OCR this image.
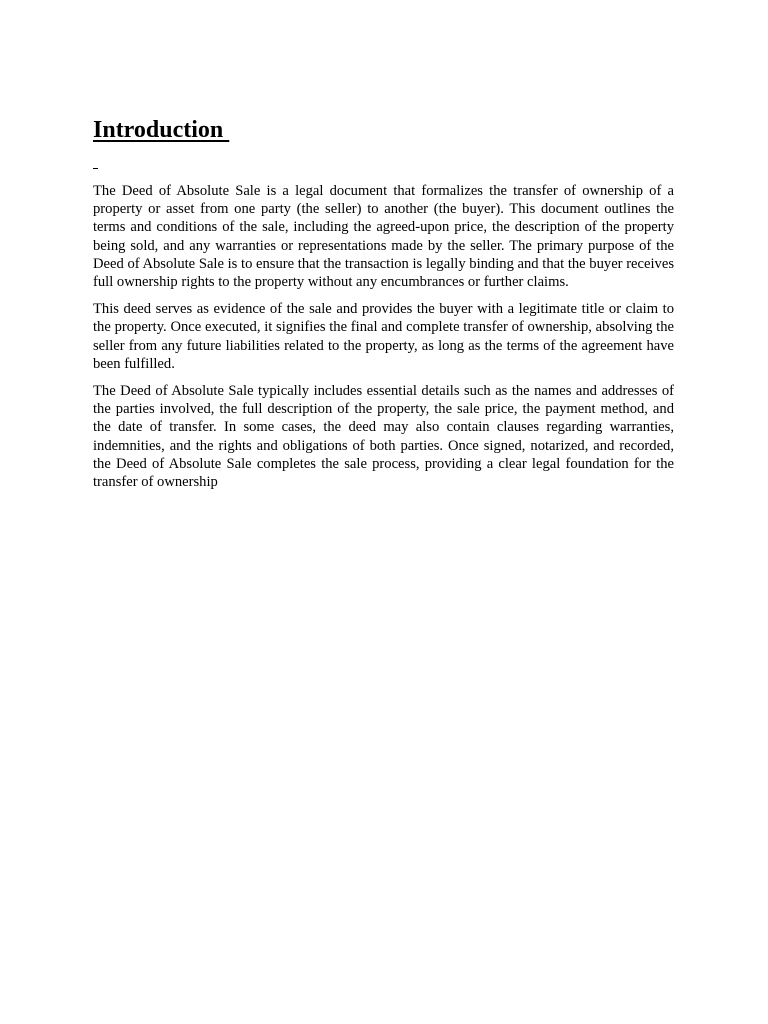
Introduction

The Deed of Absolute Sale is a legal document that formalizes the transfer of ownership of a property or asset from one party (the seller) to another (the buyer). This document outlines the terms and conditions of the sale, including the agreed-upon price, the description of the property being sold, and any warranties or representations made by the seller. The primary purpose of the Deed of Absolute Sale is to ensure that the transaction is legally binding and that the buyer receives full ownership rights to the property without any encumbrances or further claims.

This deed serves as evidence of the sale and provides the buyer with a legitimate title or claim to the property. Once executed, it signifies the final and complete transfer of ownership, absolving the seller from any future liabilities related to the property, as long as the terms of the agreement have been fulfilled.

The Deed of Absolute Sale typically includes essential details such as the names and addresses of the parties involved, the full description of the property, the sale price, the payment method, and the date of transfer. In some cases, the deed may also contain clauses regarding warranties, indemnities, and the rights and obligations of both parties. Once signed, notarized, and recorded, the Deed of Absolute Sale completes the sale process, providing a clear legal foundation for the transfer of ownership
